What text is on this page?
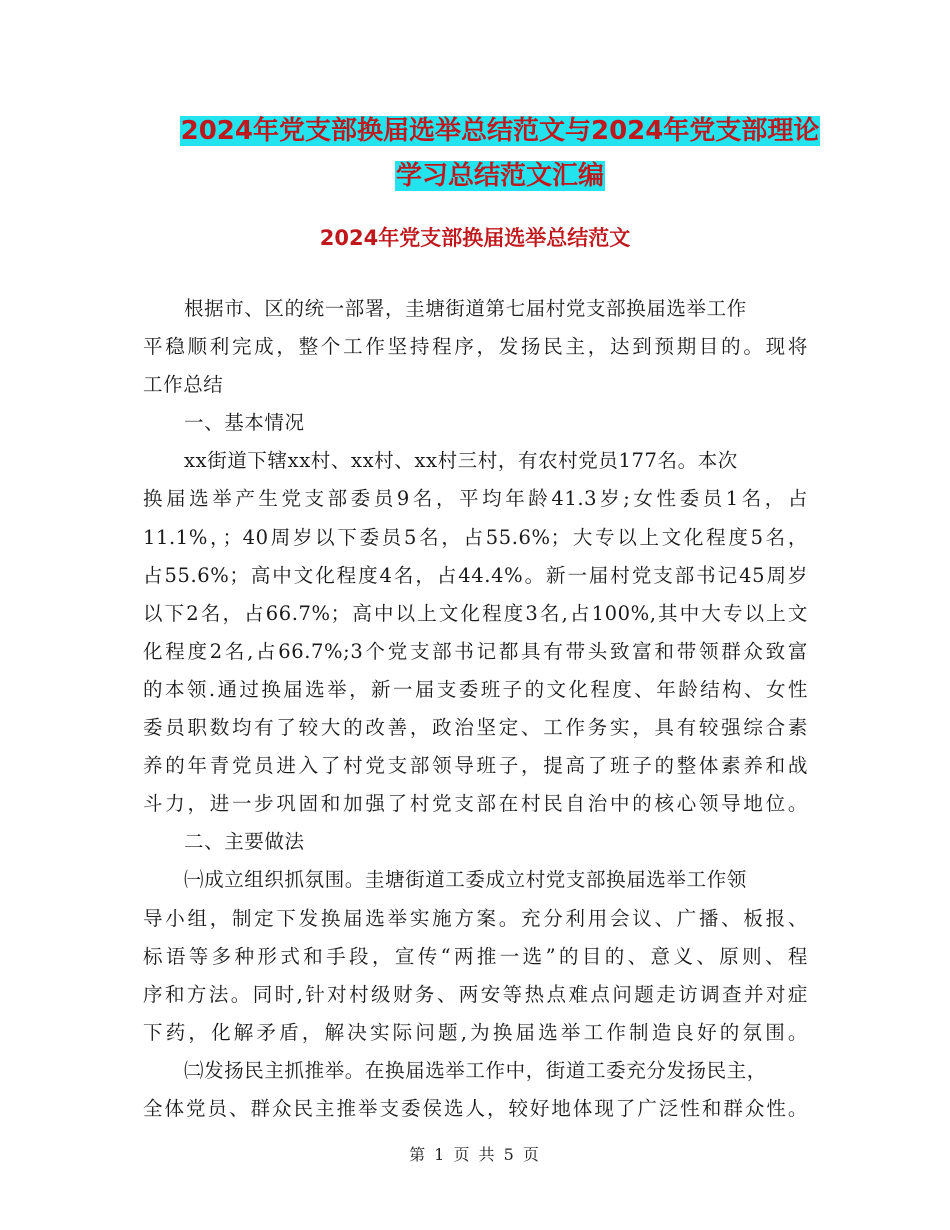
2024年党支部换届选举总结范文与2024年党支部理论
学习总结范文汇编
2024年党支部换届选举总结范文
根据市、区的统一部署，圭塘街道第七届村党支部换届选举工作
平稳顺利完成，整个工作坚持程序，发扬民主，达到预期目的。现将
工作总结
一、基本情况
xx街道下辖xx村、xx村、xx村三村，有农村党员177名。本次
换届选举产生党支部委员9名，平均年龄41.3岁;女性委员1名，占
11.1%，；40周岁以下委员5名，占55.6%；大专以上文化程度5名，
占55.6%；高中文化程度4名，占44.4%。新一届村党支部书记45周岁
以下2名，占66.7%；高中以上文化程度3名,占100%,其中大专以上文
化程度2名,占66.7%;3个党支部书记都具有带头致富和带领群众致富
的本领.通过换届选举，新一届支委班子的文化程度、年龄结构、女性
委员职数均有了较大的改善，政治坚定、工作务实，具有较强综合素
养的年青党员进入了村党支部领导班子，提高了班子的整体素养和战
斗力，进一步巩固和加强了村党支部在村民自治中的核心领导地位。
二、主要做法
㈠成立组织抓氛围。圭塘街道工委成立村党支部换届选举工作领
导小组，制定下发换届选举实施方案。充分利用会议、广播、板报、
标语等多种形式和手段，宣传“两推一选”的目的、意义、原则、程
序和方法。同时,针对村级财务、两安等热点难点问题走访调查并对症
下药，化解矛盾，解决实际问题,为换届选举工作制造良好的氛围。
㈡发扬民主抓推举。在换届选举工作中，街道工委充分发扬民主，
全体党员、群众民主推举支委侯选人，较好地体现了广泛性和群众性。
第 1 页 共 5 页
